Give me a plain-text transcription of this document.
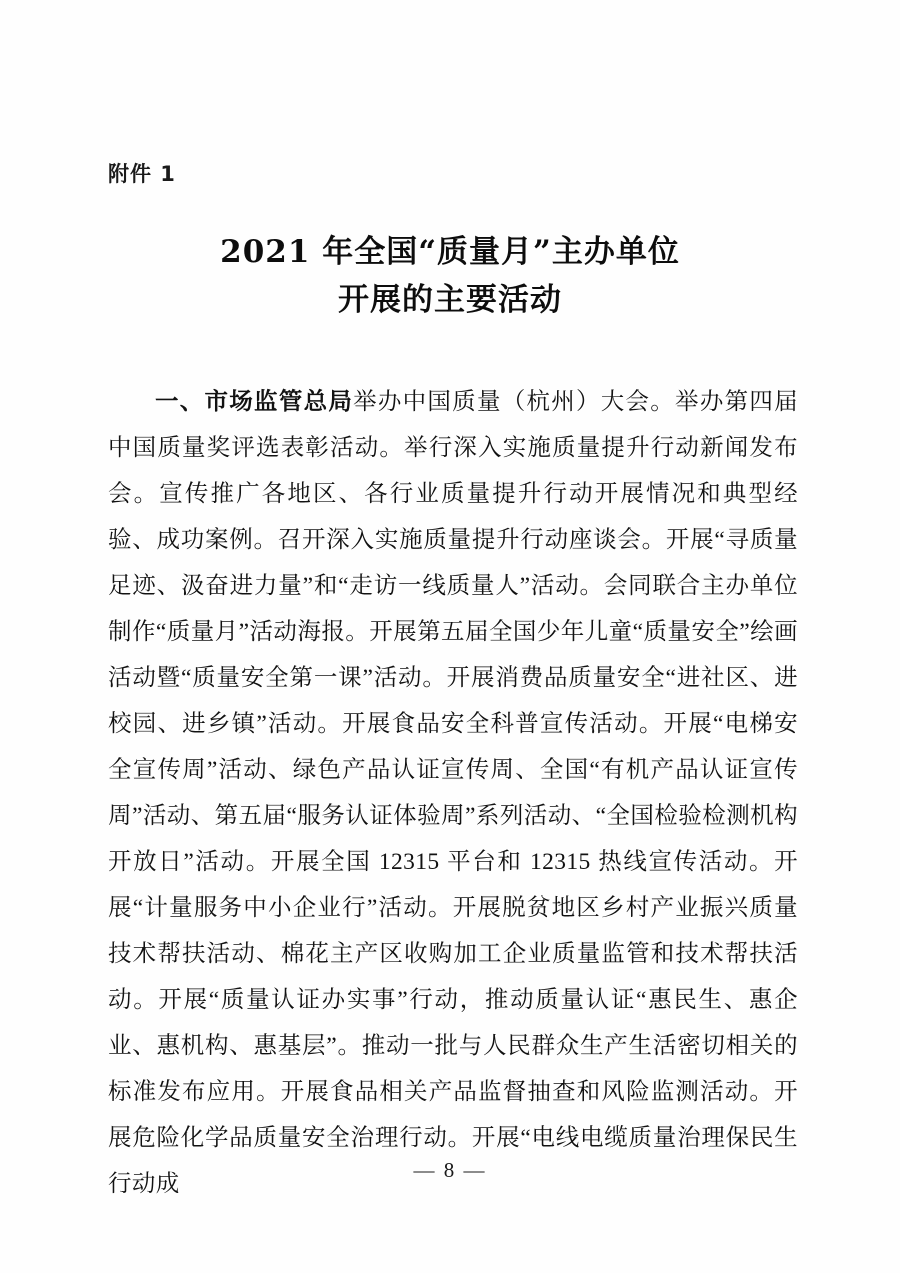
附件 1
2021 年全国“质量月”主办单位
开展的主要活动

一、市场监管总局举办中国质量（杭州）大会。举办第四届中国质量奖评选表彰活动。举行深入实施质量提升行动新闻发布会。宣传推广各地区、各行业质量提升行动开展情况和典型经验、成功案例。召开深入实施质量提升行动座谈会。开展“寻质量足迹、汲奋进力量”和“走访一线质量人”活动。会同联合主办单位制作“质量月”活动海报。开展第五届全国少年儿童“质量安全”绘画活动暨“质量安全第一课”活动。开展消费品质量安全“进社区、进校园、进乡镇”活动。开展食品安全科普宣传活动。开展“电梯安全宣传周”活动、绿色产品认证宣传周、全国“有机产品认证宣传周”活动、第五届“服务认证体验周”系列活动、“全国检验检测机构开放日”活动。开展全国 12315 平台和 12315 热线宣传活动。开展“计量服务中小企业行”活动。开展脱贫地区乡村产业振兴质量技术帮扶活动、棉花主产区收购加工企业质量监管和技术帮扶活动。开展“质量认证办实事”行动，推动质量认证“惠民生、惠企业、惠机构、惠基层”。推动一批与人民群众生产生活密切相关的标准发布应用。开展食品相关产品监督抽查和风险监测活动。开展危险化学品质量安全治理行动。开展“电线电缆质量治理保民生行动成

— 8 —
